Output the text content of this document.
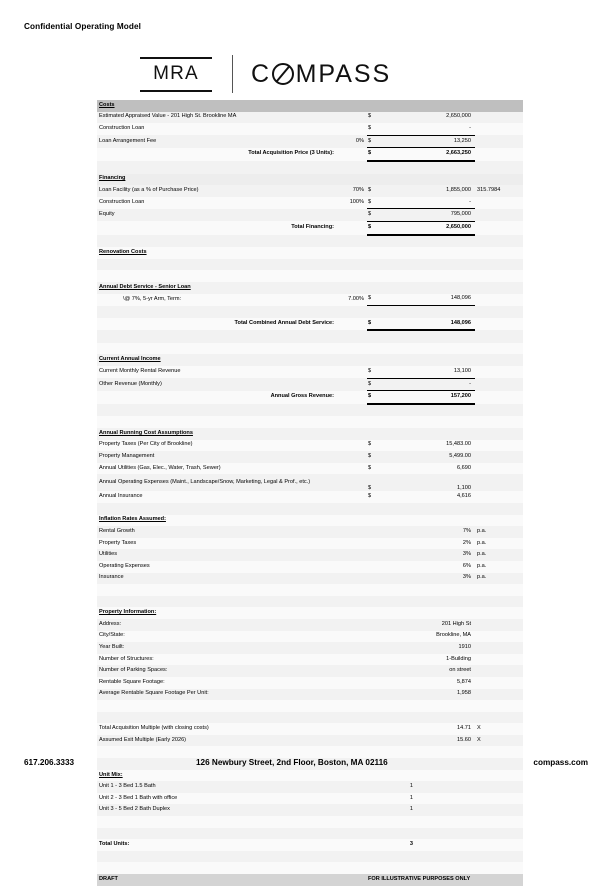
Confidential Operating Model
MRA	C MPASS
Costs				
Estimated Appraised Value - 201 High St. Brookline MA		$	2,650,000	
Construction Loan		$	-	
Loan Arrangement Fee	0%	$	13,250	
Total Acquisition Price (3 Units):		$	2,663,250	

Financing				
Loan Facility (as a % of Purchase Price)	70%	$	1,855,000	315.7984
Construction Loan	100%	$	-	
Equity		$	795,000	
Total Financing:		$	2,650,000	

Renovation Costs				

Annual Debt Service - Senior Loan				
\@ 7%, 5-yr Arm, Term:	7.00%	$	148,096	

Total Combined Annual Debt Service:		$	148,096	

Current Annual Income				
Current Monthly Rental Revenue		$	13,100	
Other Revenue (Monthly)		$	-	
Annual Gross Revenue:		$	157,200	

Annual Running Cost Assumptions				
Property Taxes (Per City of Brookline)		$	15,483.00	
Property Management		$	5,499.00	
Annual Utilities (Gas, Elec., Water, Trash, Sewer)		$	6,690	
Annual Operating Expenses (Maint., Landscape/Snow, Marketing, Legal & Prof., etc.)		$	1,100	
Annual Insurance		$	4,616	

Inflation Rates Assumed:				
Rental Growth			7%	p.a.
Property Taxes			2%	p.a.
Utilities			3%	p.a.
Operating Expenses			6%	p.a.
Insurance			3%	p.a.

Property Information:				
Address:			201 High St	
City/State:			Brookline, MA	
Year Built:			1910	
Number of Structures:			1-Building	
Number of Parking Spaces:			on street	
Rentable Square Footage:			5,874	
Average Rentable Square Footage Per Unit:			1,958	

Total Acquisition Multiple (with closing costs)			14.71	X
Assumed Exit Multiple (Early 2026)			15.60	X

Unit Mix:				
Unit 1 - 3 Bed 1.5 Bath			1	
Unit 2 - 3 Bed 1 Bath with office			1	
Unit 3 - 5 Bed 2 Bath Duplex			1	

Total Units:			3	

DRAFT	FOR ILLUSTRATIVE PURPOSES ONLY			
617.206.3333	126 Newbury Street, 2nd Floor, Boston, MA 02116	compass.com
